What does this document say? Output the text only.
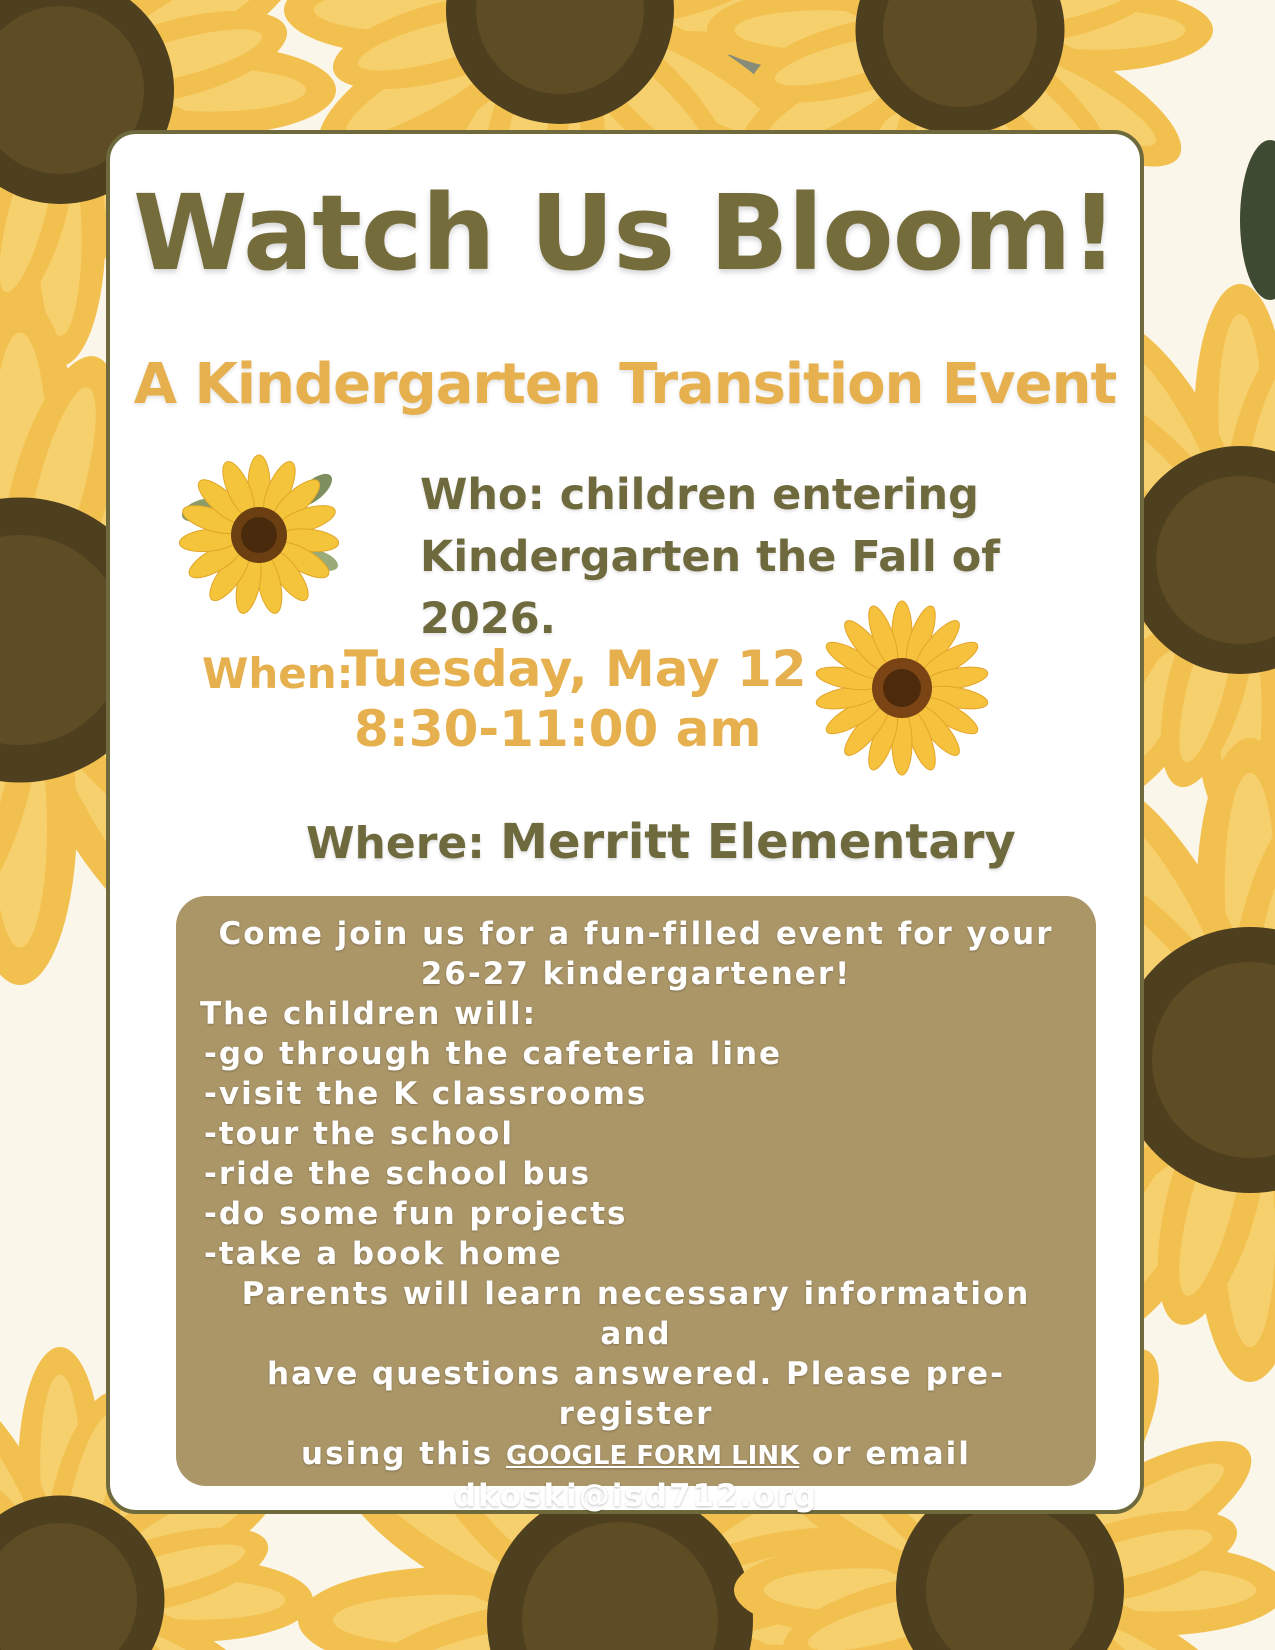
Watch Us Bloom!
A Kindergarten Transition Event
Who: children entering
Kindergarten the Fall of 2026.
When:
Tuesday, May 12
8:30-11:00 am
Where: Merritt Elementary
Come join us for a fun-filled event for your
26-27 kindergartener!
The children will:
-go through the cafeteria line
-visit the K classrooms
-tour the school
-ride the school bus
-do some fun projects
-take a book home
Parents will learn necessary information and
have questions answered. Please pre-register
using this GOOGLE FORM LINK or email
dkoski@isd712.org
